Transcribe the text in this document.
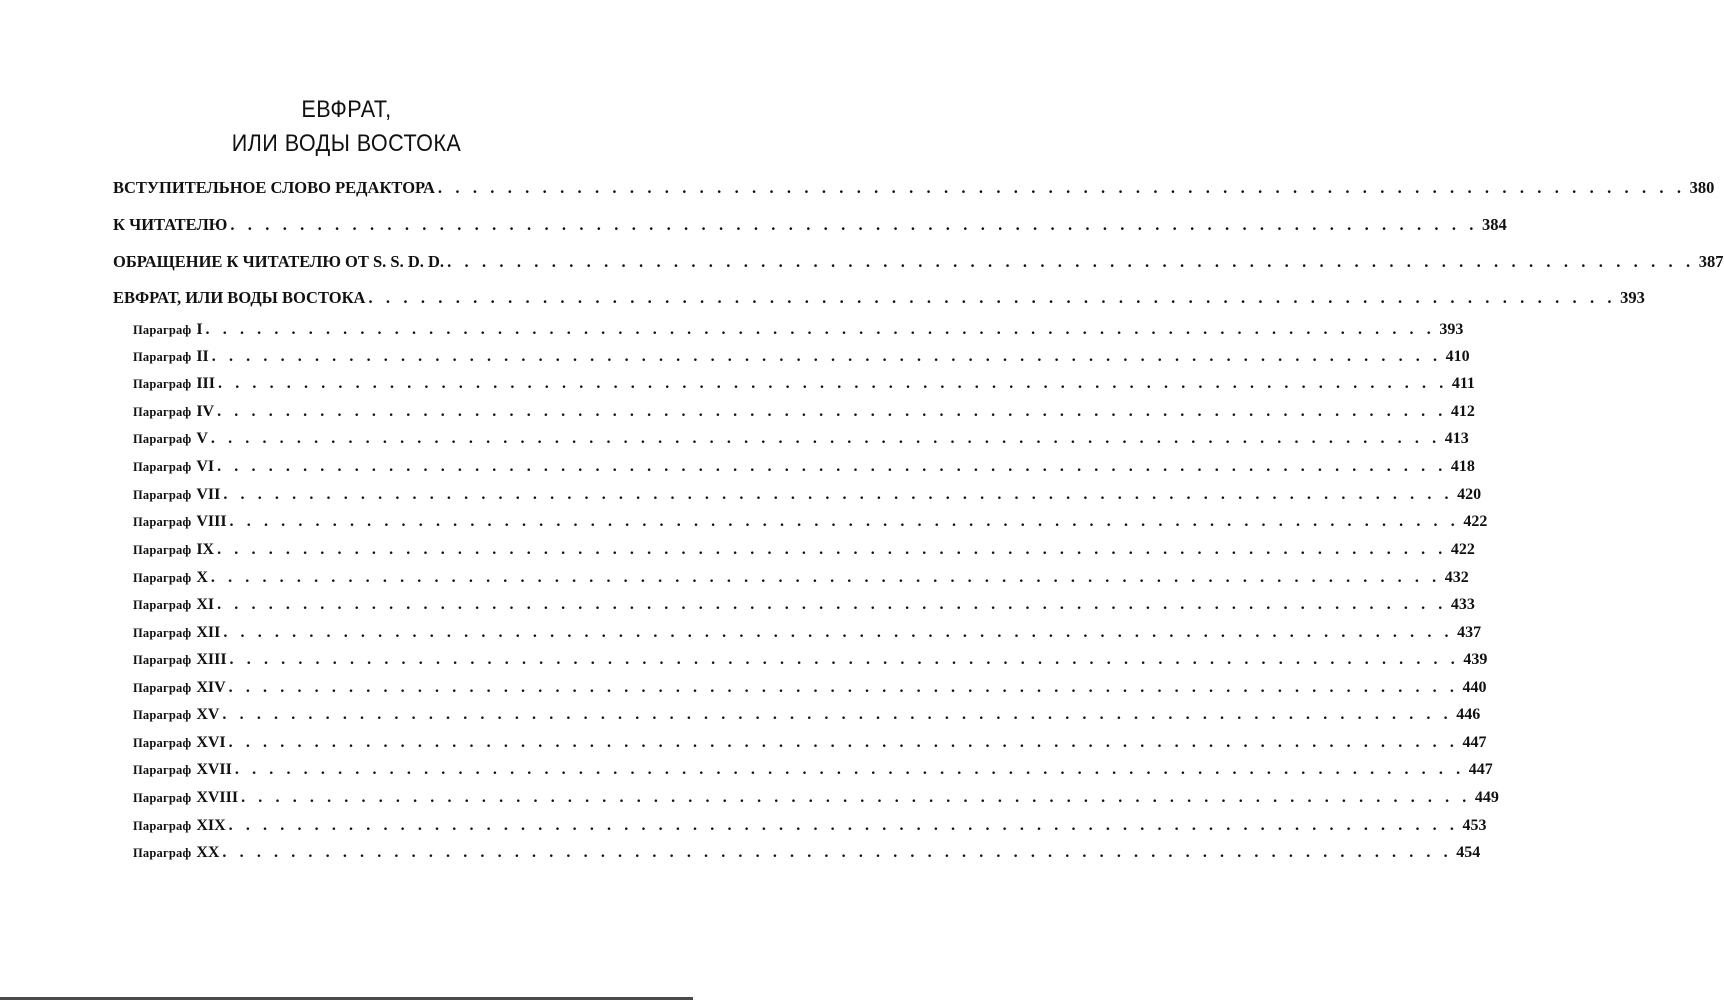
ЕВФРАТ,
ИЛИ ВОДЫ ВОСТОКА
ВСТУПИТЕЛЬНОЕ СЛОВО РЕДАКТОРА . . . . . . . . . . . . . . . . . . . . . . . . . . . . . . . . . . . . . . . . . . . . . . . . . . . . . . . . . . . . . . . . . . . . . . . . 380
К ЧИТАТЕЛЮ . . . . . . . . . . . . . . . . . . . . . . . . . . . . . . . . . . . . . . . . . . . . . . . . . . . . . . . . . . . . . . . . . . . . . . . . 384
ОБРАЩЕНИЕ К ЧИТАТЕЛЮ ОТ S. S. D. D. . . . . . . . . . . . . . . . . . . . . . . . . . . . . . . . . . . . . . . . . . . . . . . . . . . . . . . . . . . . . . . . . . . . . . . . . 387
ЕВФРАТ, ИЛИ ВОДЫ ВОСТОКА . . . . . . . . . . . . . . . . . . . . . . . . . . . . . . . . . . . . . . . . . . . . . . . . . . . . . . . . . . . . . . . . . . . . . . . . 393
Параграф I . . . . . . . . . . . . . . . . . . . . . . . . . . . . . . . . . . . . . . . . . . . . . . . . . . . . . . . . . . . . . . . . . . . . . . . . 393
Параграф II . . . . . . . . . . . . . . . . . . . . . . . . . . . . . . . . . . . . . . . . . . . . . . . . . . . . . . . . . . . . . . . . . . . . . . . . 410
Параграф III . . . . . . . . . . . . . . . . . . . . . . . . . . . . . . . . . . . . . . . . . . . . . . . . . . . . . . . . . . . . . . . . . . . . . . . . 411
Параграф IV . . . . . . . . . . . . . . . . . . . . . . . . . . . . . . . . . . . . . . . . . . . . . . . . . . . . . . . . . . . . . . . . . . . . . . . . 412
Параграф V . . . . . . . . . . . . . . . . . . . . . . . . . . . . . . . . . . . . . . . . . . . . . . . . . . . . . . . . . . . . . . . . . . . . . . . . 413
Параграф VI . . . . . . . . . . . . . . . . . . . . . . . . . . . . . . . . . . . . . . . . . . . . . . . . . . . . . . . . . . . . . . . . . . . . . . . . 418
Параграф VII . . . . . . . . . . . . . . . . . . . . . . . . . . . . . . . . . . . . . . . . . . . . . . . . . . . . . . . . . . . . . . . . . . . . . . . . 420
Параграф VIII . . . . . . . . . . . . . . . . . . . . . . . . . . . . . . . . . . . . . . . . . . . . . . . . . . . . . . . . . . . . . . . . . . . . . . . . 422
Параграф IX . . . . . . . . . . . . . . . . . . . . . . . . . . . . . . . . . . . . . . . . . . . . . . . . . . . . . . . . . . . . . . . . . . . . . . . . 422
Параграф X . . . . . . . . . . . . . . . . . . . . . . . . . . . . . . . . . . . . . . . . . . . . . . . . . . . . . . . . . . . . . . . . . . . . . . . . 432
Параграф XI . . . . . . . . . . . . . . . . . . . . . . . . . . . . . . . . . . . . . . . . . . . . . . . . . . . . . . . . . . . . . . . . . . . . . . . . 433
Параграф XII . . . . . . . . . . . . . . . . . . . . . . . . . . . . . . . . . . . . . . . . . . . . . . . . . . . . . . . . . . . . . . . . . . . . . . . . 437
Параграф XIII . . . . . . . . . . . . . . . . . . . . . . . . . . . . . . . . . . . . . . . . . . . . . . . . . . . . . . . . . . . . . . . . . . . . . . . . 439
Параграф XIV . . . . . . . . . . . . . . . . . . . . . . . . . . . . . . . . . . . . . . . . . . . . . . . . . . . . . . . . . . . . . . . . . . . . . . . . 440
Параграф XV . . . . . . . . . . . . . . . . . . . . . . . . . . . . . . . . . . . . . . . . . . . . . . . . . . . . . . . . . . . . . . . . . . . . . . . . 446
Параграф XVI . . . . . . . . . . . . . . . . . . . . . . . . . . . . . . . . . . . . . . . . . . . . . . . . . . . . . . . . . . . . . . . . . . . . . . . . 447
Параграф XVII . . . . . . . . . . . . . . . . . . . . . . . . . . . . . . . . . . . . . . . . . . . . . . . . . . . . . . . . . . . . . . . . . . . . . . . . 447
Параграф XVIII . . . . . . . . . . . . . . . . . . . . . . . . . . . . . . . . . . . . . . . . . . . . . . . . . . . . . . . . . . . . . . . . . . . . . . . . 449
Параграф XIX . . . . . . . . . . . . . . . . . . . . . . . . . . . . . . . . . . . . . . . . . . . . . . . . . . . . . . . . . . . . . . . . . . . . . . . . 453
Параграф XX . . . . . . . . . . . . . . . . . . . . . . . . . . . . . . . . . . . . . . . . . . . . . . . . . . . . . . . . . . . . . . . . . . . . . . . . 454
